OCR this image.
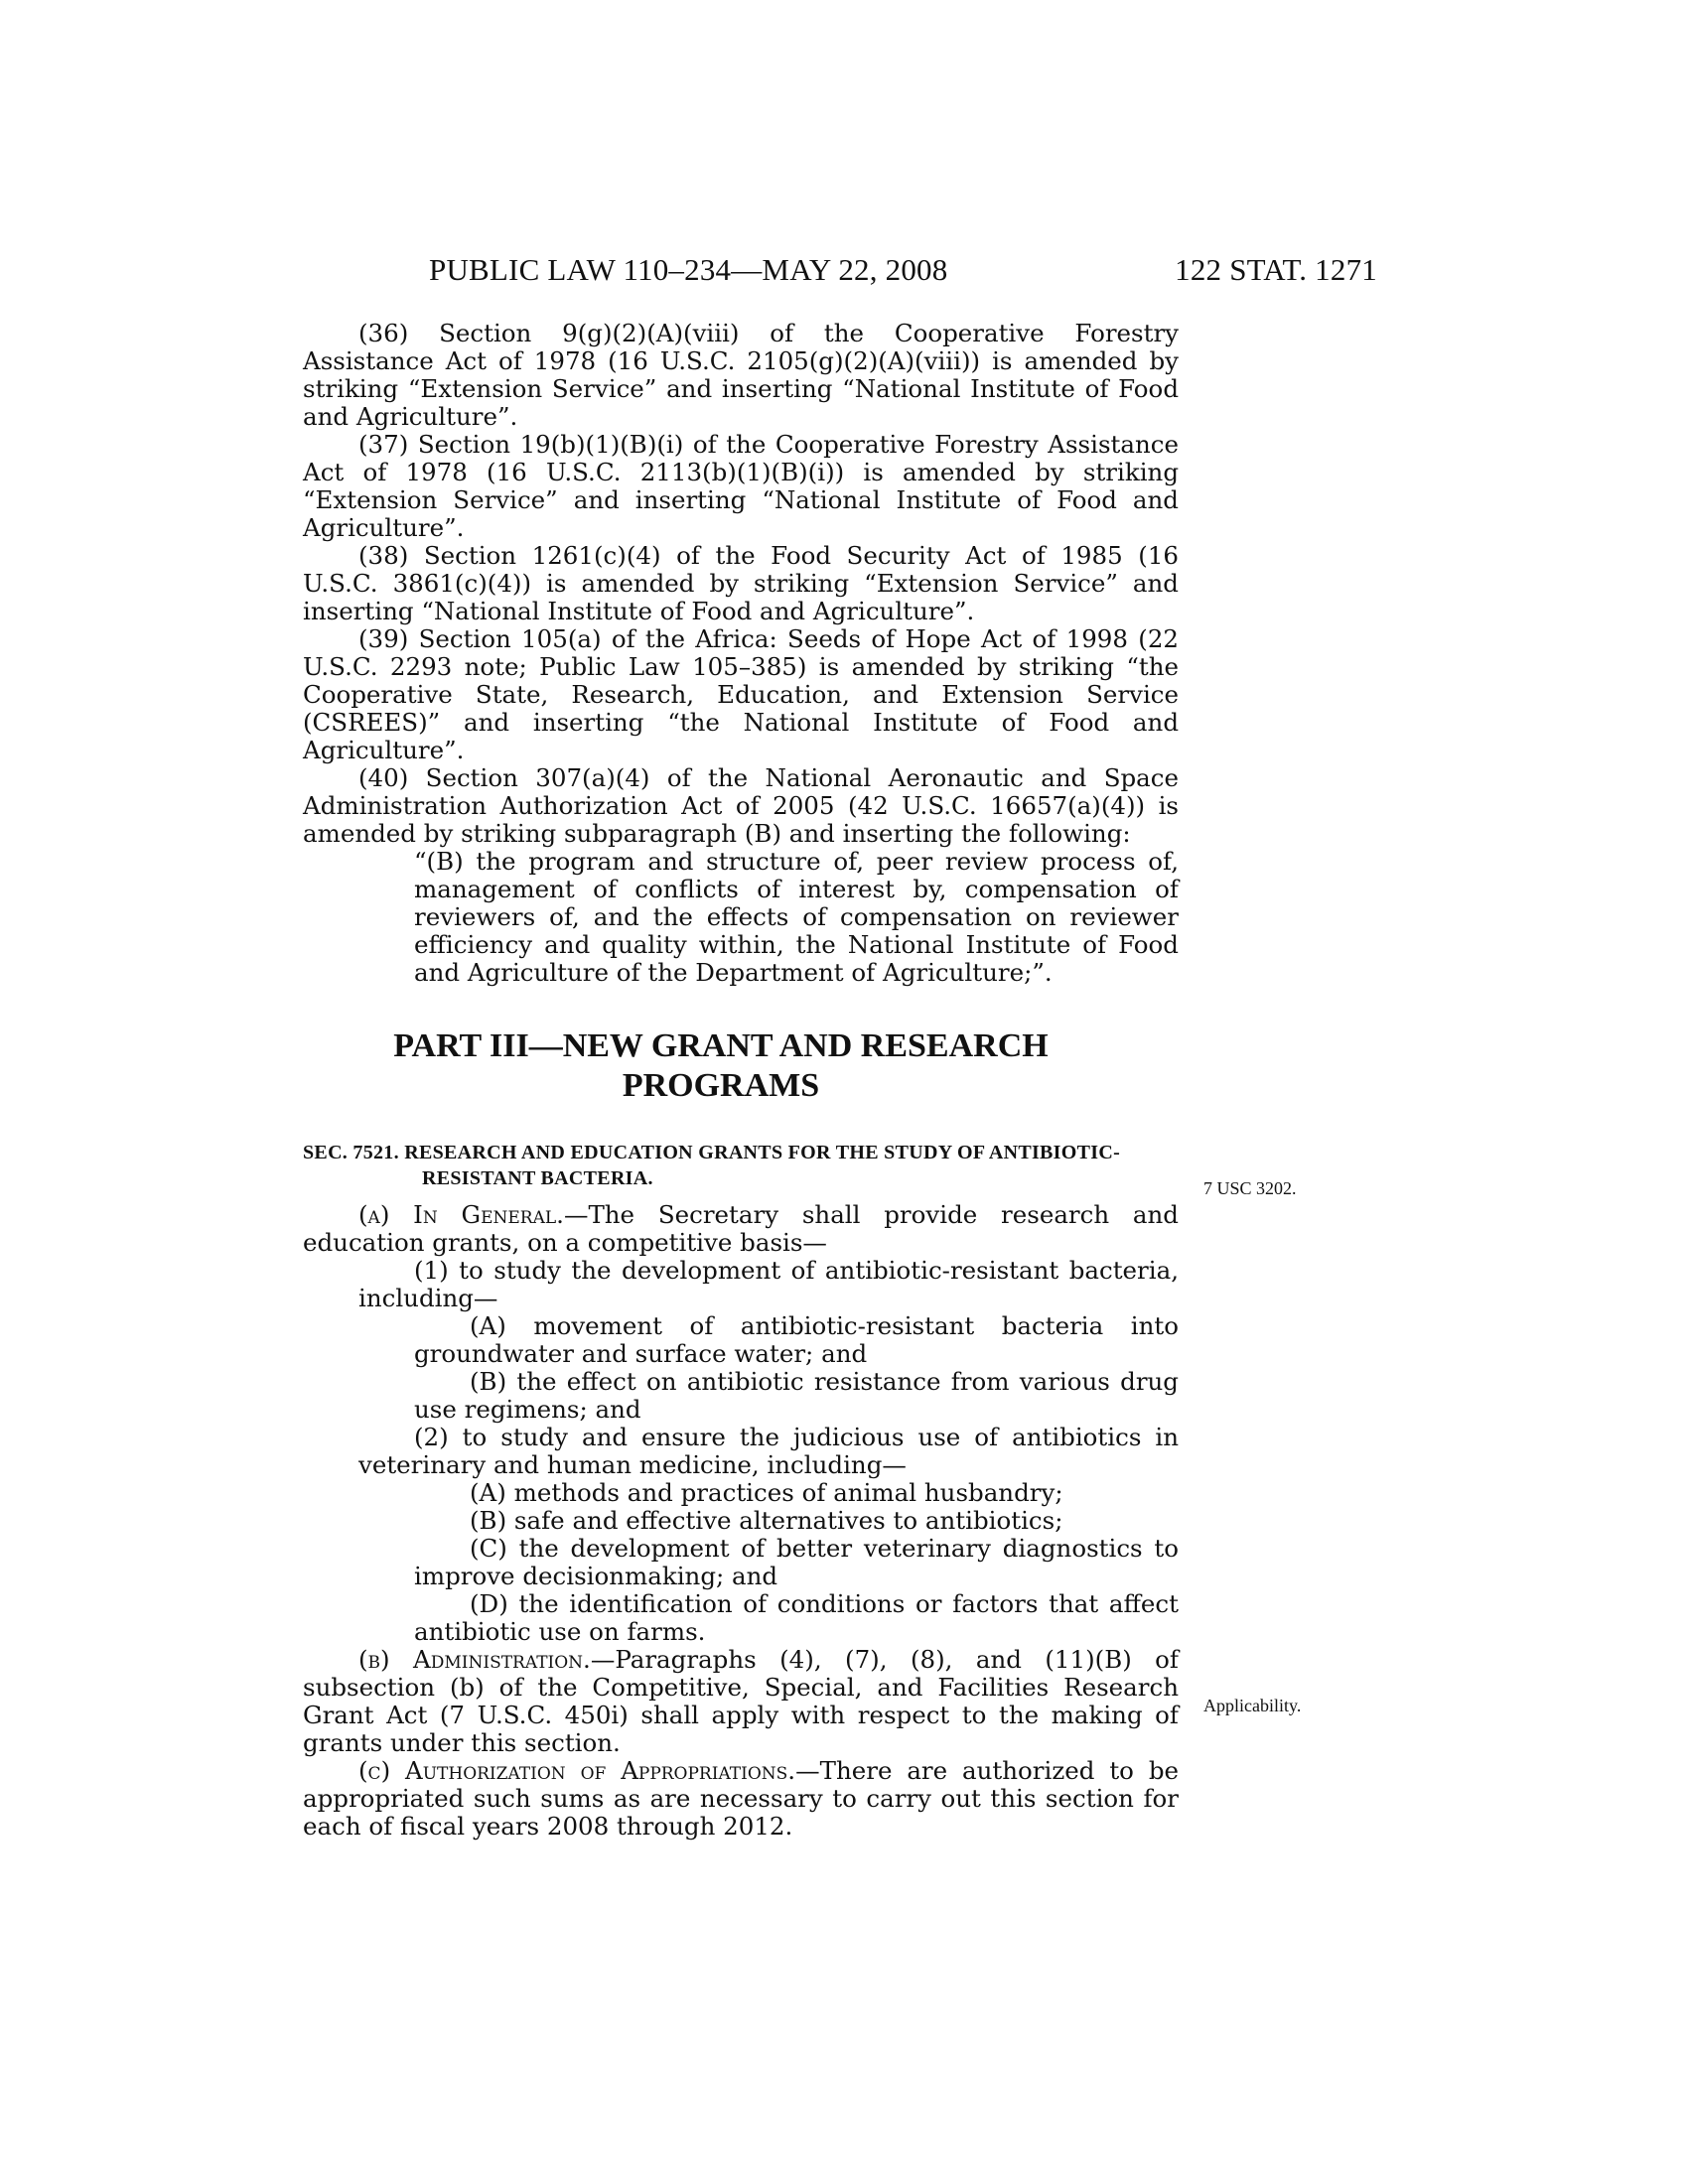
PUBLIC LAW 110–234—MAY 22, 2008	122 STAT. 1271

(36) Section 9(g)(2)(A)(viii) of the Cooperative Forestry Assistance Act of 1978 (16 U.S.C. 2105(g)(2)(A)(viii)) is amended by striking “Extension Service” and inserting “National Institute of Food and Agriculture”.

(37) Section 19(b)(1)(B)(i) of the Cooperative Forestry Assistance Act of 1978 (16 U.S.C. 2113(b)(1)(B)(i)) is amended by striking “Extension Service” and inserting “National Institute of Food and Agriculture”.

(38) Section 1261(c)(4) of the Food Security Act of 1985 (16 U.S.C. 3861(c)(4)) is amended by striking “Extension Service” and inserting “National Institute of Food and Agriculture”.

(39) Section 105(a) of the Africa: Seeds of Hope Act of 1998 (22 U.S.C. 2293 note; Public Law 105–385) is amended by striking “the Cooperative State, Research, Education, and Extension Service (CSREES)” and inserting “the National Institute of Food and Agriculture”.

(40) Section 307(a)(4) of the National Aeronautic and Space Administration Authorization Act of 2005 (42 U.S.C. 16657(a)(4)) is amended by striking subparagraph (B) and inserting the following:

“(B) the program and structure of, peer review process of, management of conflicts of interest by, compensation of reviewers of, and the effects of compensation on reviewer efficiency and quality within, the National Institute of Food and Agriculture of the Department of Agriculture;”.

PART III—NEW GRANT AND RESEARCH PROGRAMS
SEC. 7521. RESEARCH AND EDUCATION GRANTS FOR THE STUDY OF ANTIBIOTIC-RESISTANT BACTERIA.

(a) In General.—The Secretary shall provide research and education grants, on a competitive basis—

(1) to study the development of antibiotic-resistant bacteria, including—

(A) movement of antibiotic-resistant bacteria into groundwater and surface water; and

(B) the effect on antibiotic resistance from various drug use regimens; and

(2) to study and ensure the judicious use of antibiotics in veterinary and human medicine, including—

(A) methods and practices of animal husbandry;

(B) safe and effective alternatives to antibiotics;

(C) the development of better veterinary diagnostics to improve decisionmaking; and

(D) the identification of conditions or factors that affect antibiotic use on farms.

(b) Administration.—Paragraphs (4), (7), (8), and (11)(B) of subsection (b) of the Competitive, Special, and Facilities Research Grant Act (7 U.S.C. 450i) shall apply with respect to the making of grants under this section.

(c) Authorization of Appropriations.—There are authorized to be appropriated such sums as are necessary to carry out this section for each of fiscal years 2008 through 2012.

7 USC 3202.
Applicability.
